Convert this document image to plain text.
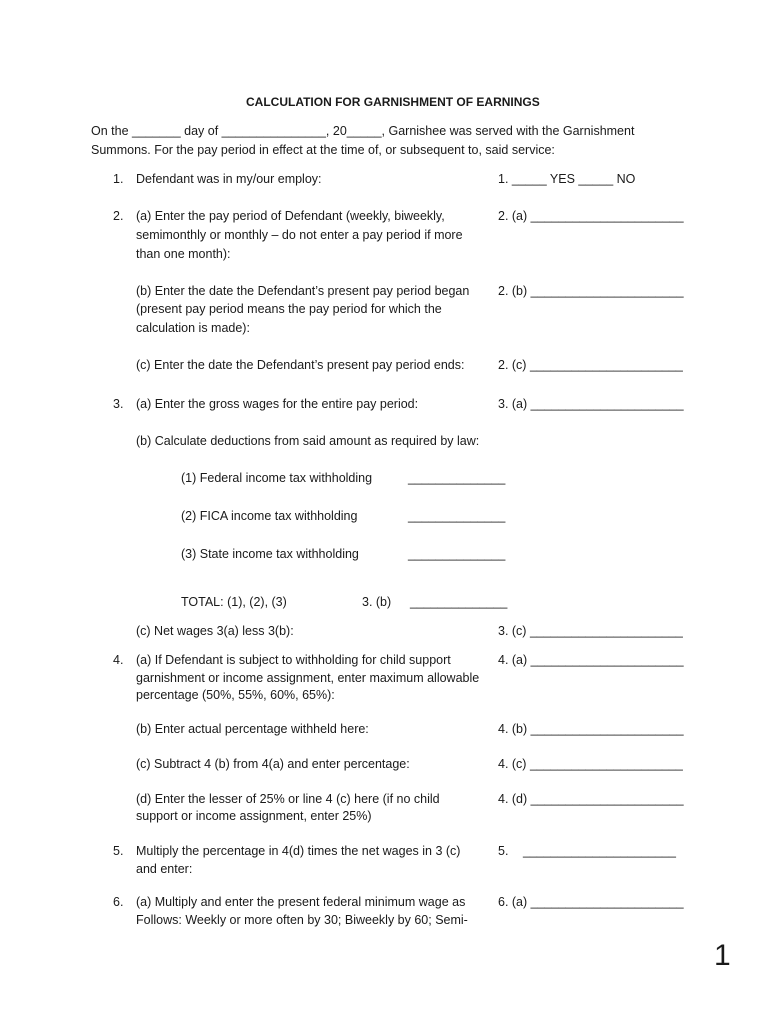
CALCULATION FOR GARNISHMENT OF EARNINGS
On the _______ day of _______________, 20_____, Garnishee was served with the Garnishment
Summons. For the pay period in effect at the time of, or subsequent to, said service:
1. Defendant was in my/our employ:	1. _____ YES _____ NO
2. (a) Enter the pay period of Defendant (weekly, biweekly,
semimonthly or monthly – do not enter a pay period if more
than one month):
2. (a) ______________________
(b) Enter the date the Defendant’s present pay period began
(present pay period means the pay period for which the
calculation is made):
2. (b) ______________________
(c) Enter the date the Defendant’s present pay period ends:	2. (c) ______________________
3. (a) Enter the gross wages for the entire pay period:	3. (a) ______________________
(b) Calculate deductions from said amount as required by law:
(1) Federal income tax withholding	______________
(2) FICA income tax withholding	______________
(3) State income tax withholding	______________
TOTAL: (1), (2), (3)	3. (b) ______________
(c) Net wages 3(a) less 3(b):	3. (c) ______________________
4. (a) If Defendant is subject to withholding for child support
garnishment or income assignment, enter maximum allowable
percentage (50%, 55%, 60%, 65%):
4. (a) ______________________
(b) Enter actual percentage withheld here:	4. (b) ______________________
(c) Subtract 4 (b) from 4(a) and enter percentage:	4. (c) ______________________
(d) Enter the lesser of 25% or line 4 (c) here (if no child
support or income assignment, enter 25%)
4. (d) ______________________
5. Multiply the percentage in 4(d) times the net wages in 3 (c)
and enter:
5. ______________________
6. (a) Multiply and enter the present federal minimum wage as
Follows: Weekly or more often by 30; Biweekly by 60; Semi-
6. (a) ______________________
1
